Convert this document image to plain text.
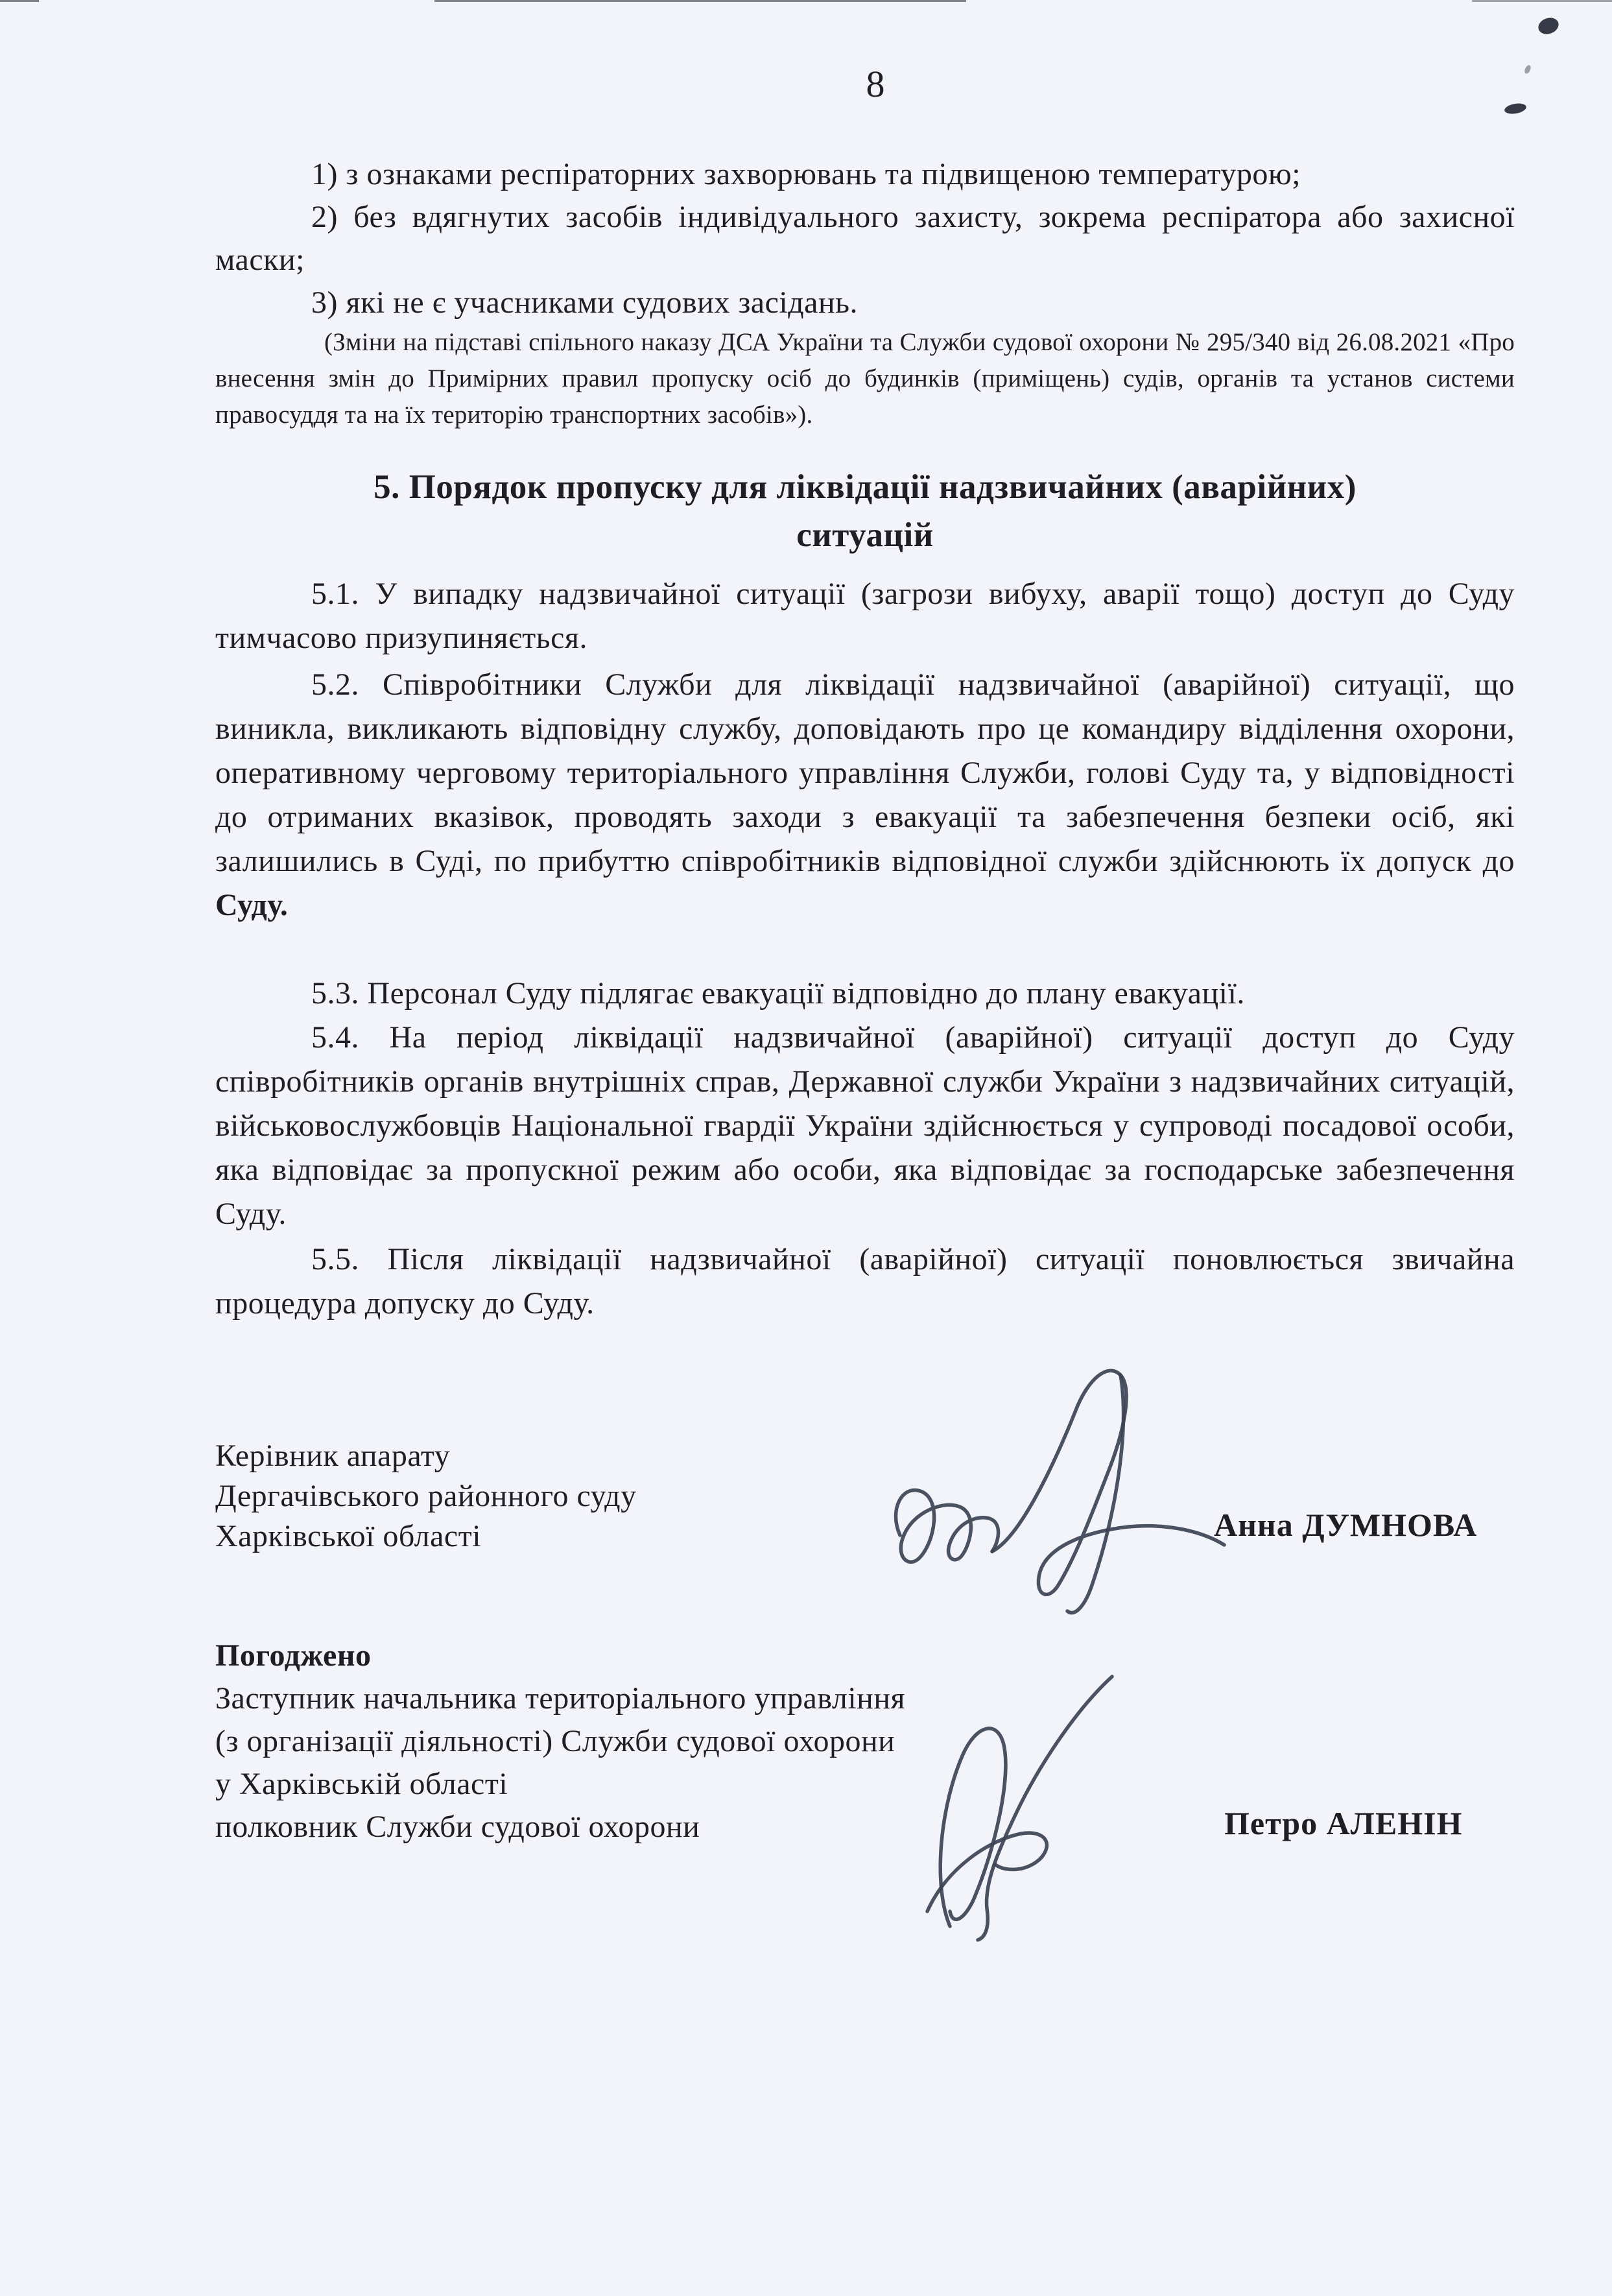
8

1) з ознаками респіраторних захворювань та підвищеною температурою;

2) без вдягнутих засобів індивідуального захисту, зокрема респіратора або захисної маски;

3) які не є учасниками судових засідань.

(Зміни на підставі спільного наказу ДСА України та Служби судової охорони № 295/340 від 26.08.2021 «Про внесення змін до Примірних правил пропуску осіб до будинків (приміщень) судів, органів та установ системи правосуддя та на їх територію транспортних засобів»).

5. Порядок пропуску для ліквідації надзвичайних (аварійних)
ситуацій

5.1. У випадку надзвичайної ситуації (загрози вибуху, аварії тощо) доступ до Суду тимчасово призупиняється.

5.2. Співробітники Служби для ліквідації надзвичайної (аварійної) ситуації, що виникла, викликають відповідну службу, доповідають про це командиру відділення охорони, оперативному черговому територіального управління Служби, голові Суду та, у відповідності до отриманих вказівок, проводять заходи з евакуації та забезпечення безпеки осіб, які залишились в Суді, по прибуттю співробітників відповідної служби здійснюють їх допуск до Суду.

5.3. Персонал Суду підлягає евакуації відповідно до плану евакуації.

5.4. На період ліквідації надзвичайної (аварійної) ситуації доступ до Суду співробітників органів внутрішніх справ, Державної служби України з надзвичайних ситуацій, військовослужбовців Національної гвардії України здійснюється у супроводі посадової особи, яка відповідає за пропускної режим або особи, яка відповідає за господарське забезпечення Суду.

5.5. Після ліквідації надзвичайної (аварійної) ситуації поновлюється звичайна процедура допуску до Суду.

Керівник апарату

Дергачівського районного суду

Харківської області	Анна ДУМНОВА

Погоджено

Заступник начальника територіального управління

(з організації діяльності) Служби судової охорони

у Харківській області

полковник Служби судової охорони	Петро АЛЕНІН
